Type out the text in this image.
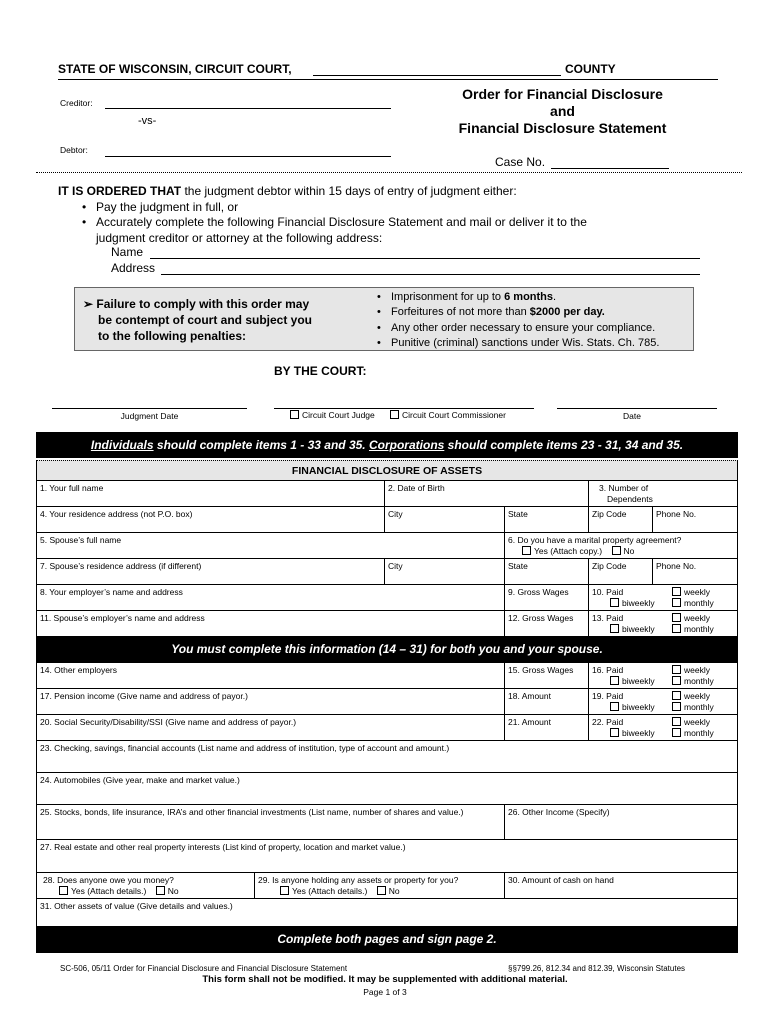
STATE OF WISCONSIN, CIRCUIT COURT,	COUNTY
Creditor:
-vs-
Debtor:
Order for Financial Disclosure
and
Financial Disclosure Statement
Case No.
IT IS ORDERED THAT the judgment debtor within 15 days of entry of judgment either:
• Pay the judgment in full, or
• Accurately complete the following Financial Disclosure Statement and mail or deliver it to the
judgment creditor or attorney at the following address:
Name
Address
➢ Failure to comply with this order may
be contempt of court and subject you
to the following penalties:
• Imprisonment for up to 6 months.
• Forfeitures of not more than $2000 per day.
• Any other order necessary to ensure your compliance.
• Punitive (criminal) sanctions under Wis. Stats. Ch. 785.
BY THE COURT:
Judgment Date	Circuit Court Judge	Circuit Court Commissioner	Date
Individuals should complete items 1 - 33 and 35. Corporations should complete items 23 - 31, 34 and 35.
FINANCIAL DISCLOSURE OF ASSETS
1. Your full name	2. Date of Birth	3. Number of
Dependents
4. Your residence address (not P.O. box)	City	State	Zip Code	Phone No.
5. Spouse’s full name	6. Do you have a marital property agreement?
Yes (Attach copy.)	No
7. Spouse’s residence address (if different)	City	State	Zip Code	Phone No.
8. Your employer’s name and address	9. Gross Wages	10. Paid	weekly
biweekly	monthly
11. Spouse’s employer’s name and address	12. Gross Wages	13. Paid	weekly
biweekly	monthly
You must complete this information (14 – 31) for both you and your spouse.
14. Other employers	15. Gross Wages	16. Paid	weekly
biweekly	monthly
17. Pension income (Give name and address of payor.)	18. Amount	19. Paid	weekly
biweekly	monthly
20. Social Security/Disability/SSI (Give name and address of payor.)	21. Amount	22. Paid	weekly
biweekly	monthly
23. Checking, savings, financial accounts (List name and address of institution, type of account and amount.)
24. Automobiles (Give year, make and market value.)
25. Stocks, bonds, life insurance, IRA’s and other financial investments (List name, number of shares and value.)	26. Other Income (Specify)
27. Real estate and other real property interests (List kind of property, location and market value.)
28. Does anyone owe you money?
Yes (Attach details.)	No
29. Is anyone holding any assets or property for you?
Yes (Attach details.)	No
30. Amount of cash on hand
31. Other assets of value (Give details and values.)
Complete both pages and sign page 2.
SC-506, 05/11 Order for Financial Disclosure and Financial Disclosure Statement	§§799.26, 812.34 and 812.39, Wisconsin Statutes
This form shall not be modified. It may be supplemented with additional material.
Page 1 of 3
